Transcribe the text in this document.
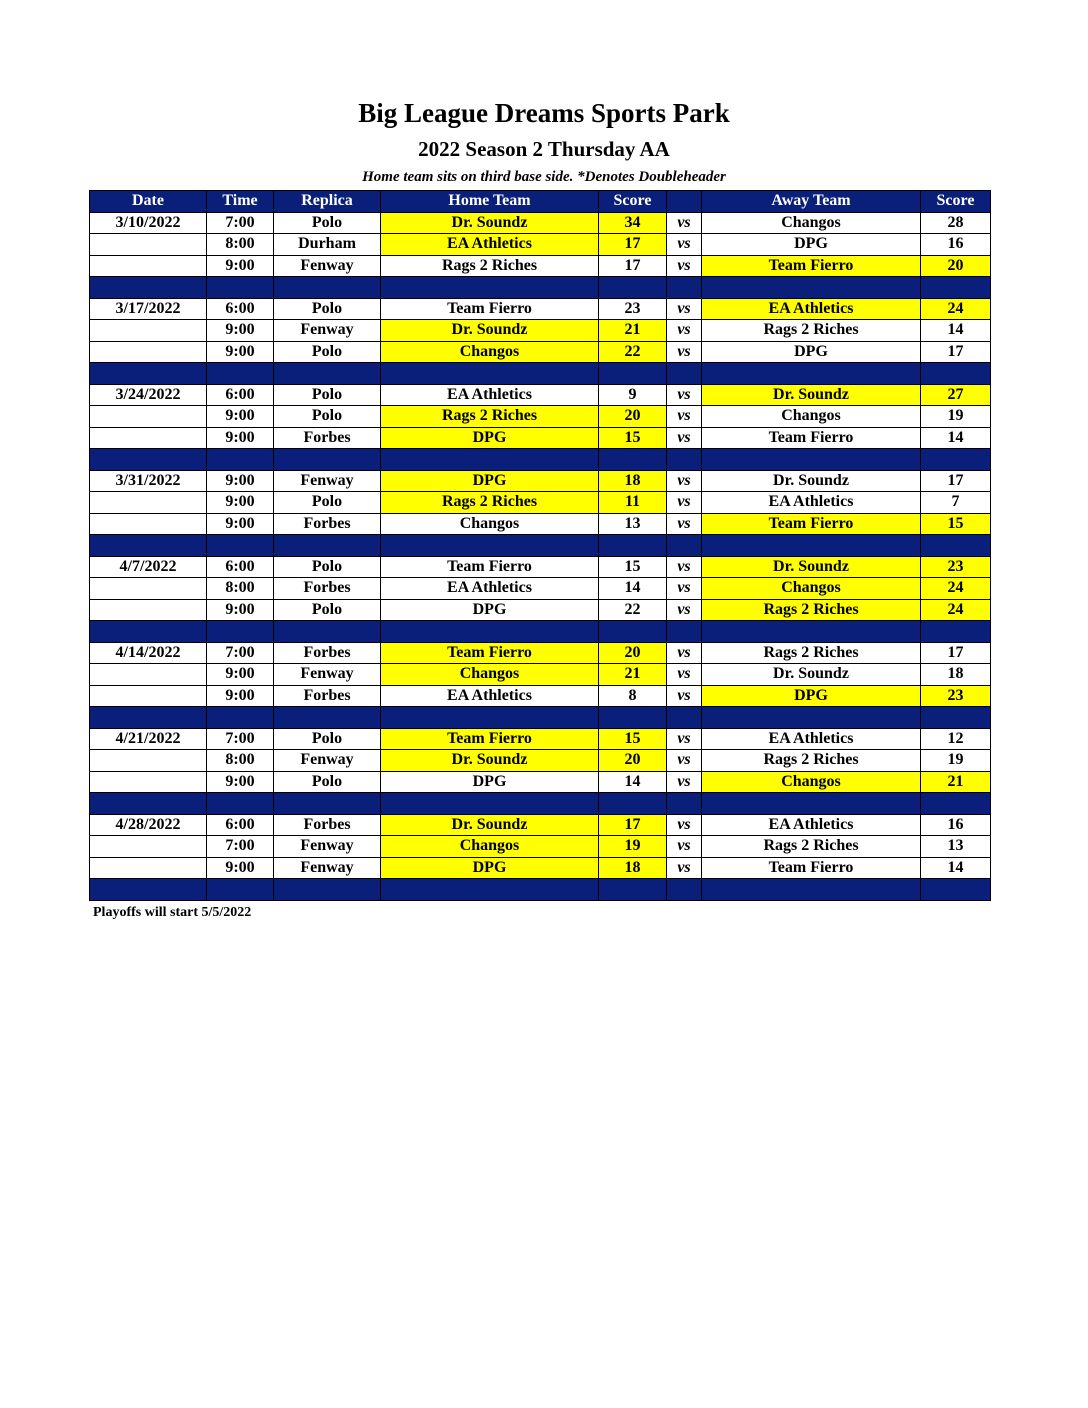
Big League Dreams Sports Park
2022 Season 2 Thursday AA
Home team sits on third base side. *Denotes Doubleheader
Date	Time	Replica	Home Team	Score		Away Team	Score
3/10/2022	7:00	Polo	Dr. Soundz	34	vs	Changos	28
	8:00	Durham	EA Athletics	17	vs	DPG	16
	9:00	Fenway	Rags 2 Riches	17	vs	Team Fierro	20

3/17/2022	6:00	Polo	Team Fierro	23	vs	EA Athletics	24
	9:00	Fenway	Dr. Soundz	21	vs	Rags 2 Riches	14
	9:00	Polo	Changos	22	vs	DPG	17

3/24/2022	6:00	Polo	EA Athletics	9	vs	Dr. Soundz	27
	9:00	Polo	Rags 2 Riches	20	vs	Changos	19
	9:00	Forbes	DPG	15	vs	Team Fierro	14

3/31/2022	9:00	Fenway	DPG	18	vs	Dr. Soundz	17
	9:00	Polo	Rags 2 Riches	11	vs	EA Athletics	7
	9:00	Forbes	Changos	13	vs	Team Fierro	15

4/7/2022	6:00	Polo	Team Fierro	15	vs	Dr. Soundz	23
	8:00	Forbes	EA Athletics	14	vs	Changos	24
	9:00	Polo	DPG	22	vs	Rags 2 Riches	24

4/14/2022	7:00	Forbes	Team Fierro	20	vs	Rags 2 Riches	17
	9:00	Fenway	Changos	21	vs	Dr. Soundz	18
	9:00	Forbes	EA Athletics	8	vs	DPG	23

4/21/2022	7:00	Polo	Team Fierro	15	vs	EA Athletics	12
	8:00	Fenway	Dr. Soundz	20	vs	Rags 2 Riches	19
	9:00	Polo	DPG	14	vs	Changos	21

4/28/2022	6:00	Forbes	Dr. Soundz	17	vs	EA Athletics	16
	7:00	Fenway	Changos	19	vs	Rags 2 Riches	13
	9:00	Fenway	DPG	18	vs	Team Fierro	14

Playoffs will start 5/5/2022
